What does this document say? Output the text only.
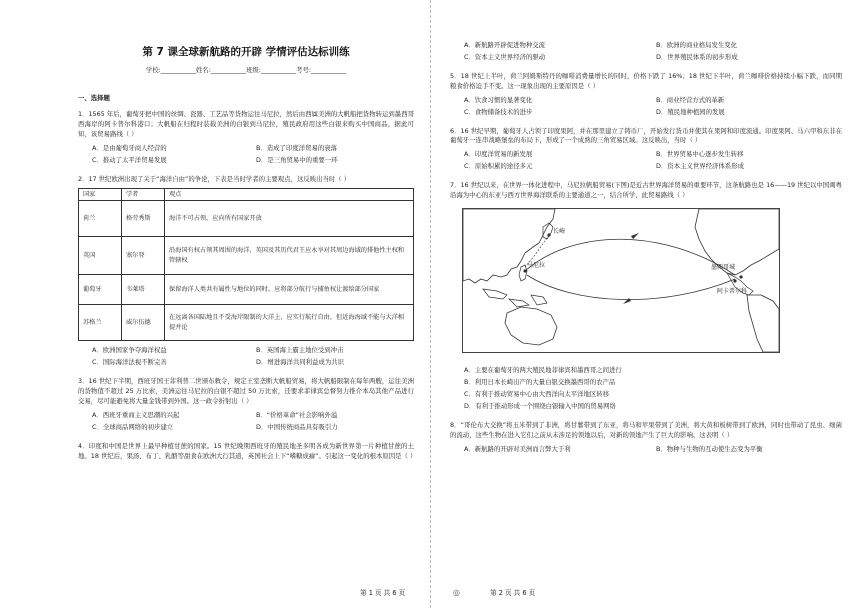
第 7 课全球新航路的开辟 学情评估达标训练
学校:___________姓名:___________班级:___________考号:___________
一、选择题
1．1565 年后，葡萄牙把中国的丝绸、瓷器、工艺品等货物运往马尼拉，然后由西属美洲的大帆船把货物转运到墨西哥西海岸的阿卡普尔科港口；大帆船在归程时装载美洲的白银到马尼拉，殖民政府用这些白银来购买中国商品，据此可知，该贸易路线（ ）
A．是由葡萄牙商人经营的	B．造成了印度洋贸易的衰落
C．推动了太平洋贸易发展	D．是三角贸易中的重要一环
2．17 世纪欧洲出现了关于“海洋自由”的争论，下表是当时学者的主要观点，这反映出当时（ ）
国家	学者	观点
荷兰	格劳秀斯	海洋不可占领，应向所有国家开放
英国	塞尔登	沿海国有权占领其周围的海洋，英国及其历代君王应永享对其周边海域的排他性主权和管辖权
葡萄牙	韦莱塔	保留海洋人类共有属性与地位的同时，应将部分航行与捕鱼权让渡给部分国家
苏格兰	威尔伍德	在远离各国陆地且不受海岸限制的大洋上，应实行航行自由，但近海海域不能与大洋相提并论
A．欧洲国家争夺海洋权益	B．英国海上霸主地位受到冲击
C．国际海洋法视不断完善	D．增进海洋共同利益成为共识
3．16 世纪下半期，西班牙国王菲利普二世颁布敕令，规定王室垄断大帆船贸易，将大帆船限制在每年两艘，运往美洲的货物值不超过 25 万比索，美洲运往马尼拉的白银不超过 50 万比索，还要求菲律宾总督努力推介本岛其他产品进行交易，尽可能避免将大量金钱带到外国。这一政令折射出（ ）
A．西班牙重商主义思潮的兴起	B．“价格革命”社会影响外溢
C．全球商品网络的初步建立	D．中国传统商品具有吸引力
4．印度和中国是世界上最早种植甘蔗的国家。15 世纪晚期西班牙的殖民地圣多明各成为新世界第一片种植甘蔗的土地。18 世纪后，果汤、布丁、乳酪等甜食在欧洲大行其道，英国社会上下“嗜糖成癖”。引起这一变化的根本原因是（ ）
A．新航路开辟促进物种交流	B．欧洲的商业格局发生变化
C．资本主义世界经济的驱动	D．世界殖民体系的初步形成
5．18 世纪上半叶，荷兰阿姆斯特丹的咖啡消费量增长的同时，价格下跌了 16%；18 世纪下半叶，荷兰咖啡价格持续小幅下跌，而同期粮食价格迫手不变。这一现象出现的主要原因是（ ）
A．饮食习惯的显著变化	B．商业经营方式的革新
C．食物储备技术的进步	D．殖民地种植园的发展
6．16 世纪早期，葡萄牙人占领了印度果阿，并在那里建立了铸币厂，开始发行货币并使其在果阿和印度流通。印度果阿、马六甲和东非在葡萄牙一连串战略堡垒的布局下，形成了一个成熟的三角贸易区域。这反映出，当时（ ）
A．印度洋贸易的新发展	B．世界贸易中心逐步发生转移
C．原始积累的途径多元	D．资本主义世界经济体系形成
7．16 世纪以来，在世界一体化进程中，马尼拉帆船贸易(下图)是近古世界海洋贸易的重要环节，这条航路也是 16——19 世纪以中国闽粤沿海为中心的东亚与西方世界海洋联系的主要通道之一，结合所学，此贸易路线（ ）
长崎
马尼拉	墨西哥城
阿卡普尔科
A．主要在葡萄牙的两大殖民地菲律宾和墨西哥之间进行
B．利用日本长崎出产的大量白银交换墨西哥的农产品
C．有利于推动贸易中心由大西洋向太平洋地区转移
D．有利于推动形成一个围绕白银输入中国的贸易网络
8．“哥伦布大交换”将玉米带到了非洲，将甘薯带到了东亚，将马和苹果带到了美洲，将大黄和板树带到了欧洲，同时也带动了昆虫、细菌的流动，这些生物在进入它们之前从未涉足的领地以后，对新的领地产生了巨大的影响。这表明（ ）
A．新航路的开辟对美洲而言弊大于利	B．物种与生物的互动使生态变为平衡
第 1 页 共 6 页	◎	第 2 页 共 6 页
